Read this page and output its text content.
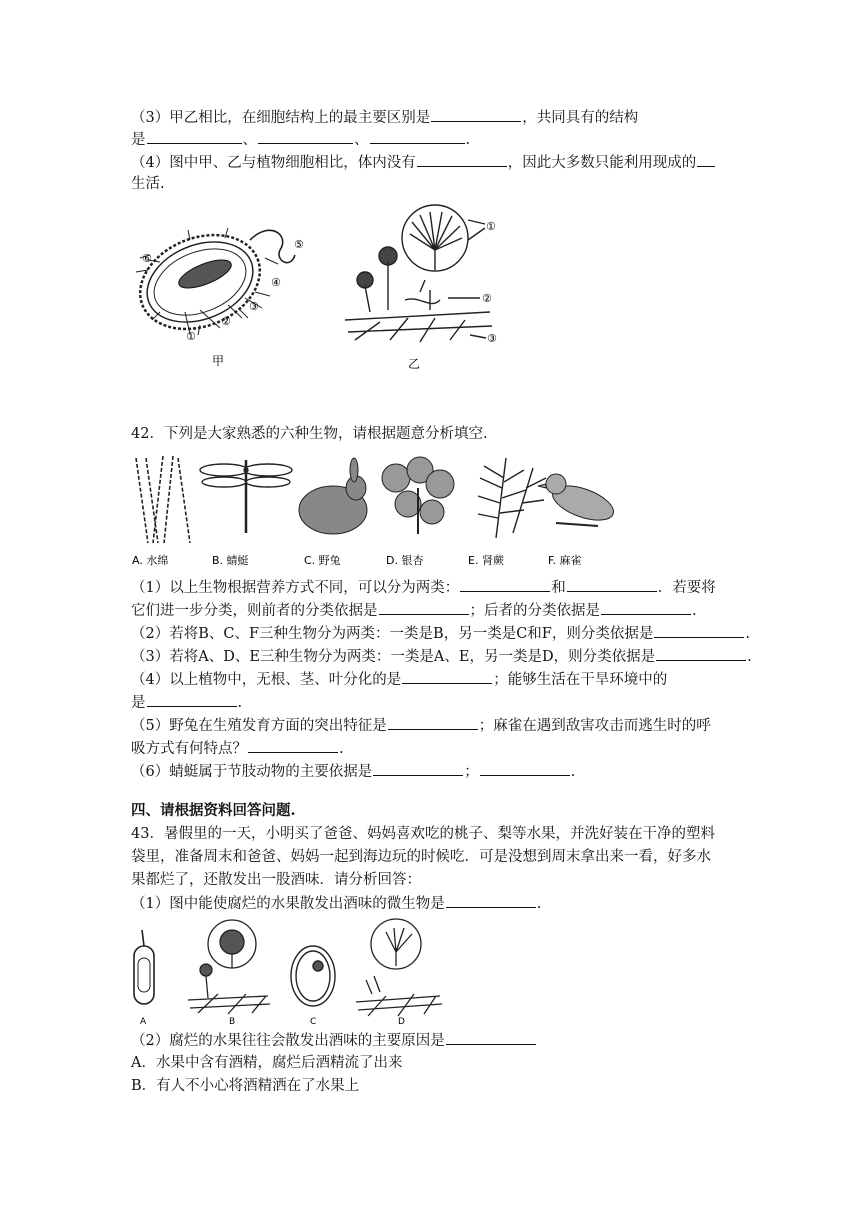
（3）甲乙相比，在细胞结构上的最主要区别是	，共同具有的结构
是	、	、	.
（4）图中甲、乙与植物细胞相比，体内没有	，因此大多数只能利用现成的
生活.
⑥
⑤
④
③
②
①
甲
①
②
③
乙
42．下列是大家熟悉的六种生物，请根据题意分析填空.
A. 水绵	B. 蜻蜓	C. 野兔	D. 银杏	E. 肾蕨	F. 麻雀
（1）以上生物根据营养方式不同，可以分为两类：	和	．若要将
它们进一步分类，则前者的分类依据是	；后者的分类依据是	.
（2）若将B、C、F三种生物分为两类：一类是B，另一类是C和F，则分类依据是	.
（3）若将A、D、E三种生物分为两类：一类是A、E，另一类是D，则分类依据是	.
（4）以上植物中，无根、茎、叶分化的是	；能够生活在干旱环境中的
是	.
（5）野兔在生殖发育方面的突出特征是	；麻雀在遇到敌害攻击而逃生时的呼
吸方式有何特点？	.
（6）蜻蜓属于节肢动物的主要依据是	；	.
四、请根据资料回答问题.
43．暑假里的一天，小明买了爸爸、妈妈喜欢吃的桃子、梨等水果，并洗好装在干净的塑料
袋里，准备周末和爸爸、妈妈一起到海边玩的时候吃．可是没想到周末拿出来一看，好多水
果都烂了，还散发出一股酒味．请分析回答：
（1）图中能使腐烂的水果散发出酒味的微生物是	.
A	B	C	D
（2）腐烂的水果往往会散发出酒味的主要原因是
A．水果中含有酒精，腐烂后酒精流了出来
B．有人不小心将酒精洒在了水果上
